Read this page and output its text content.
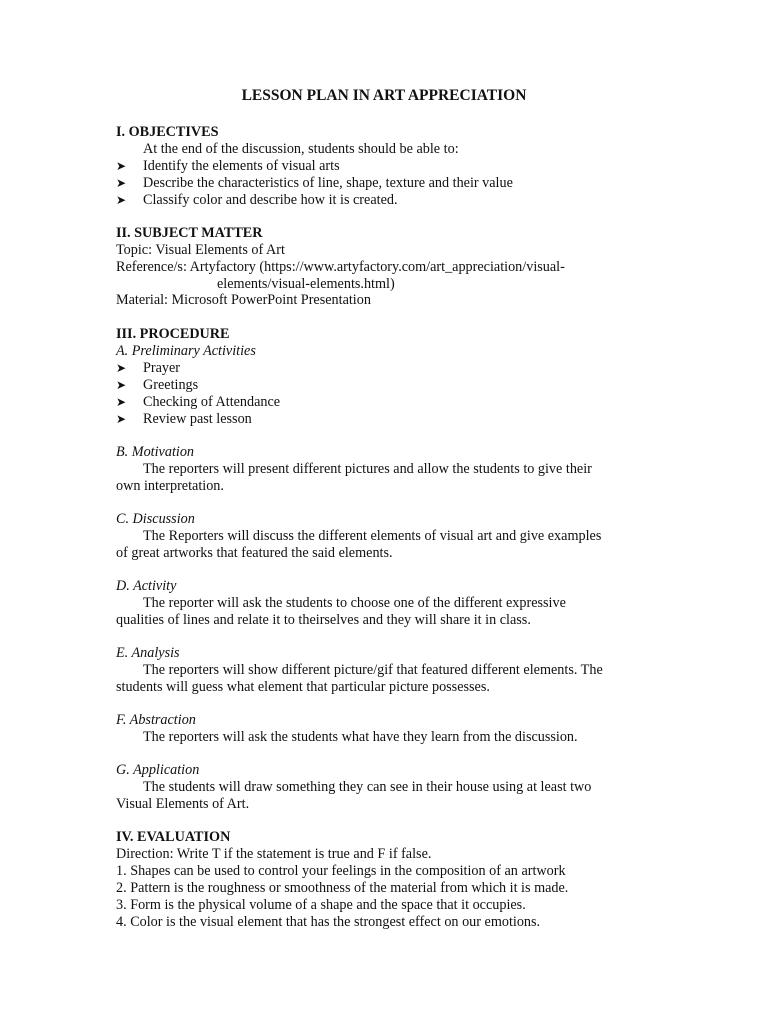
LESSON PLAN IN ART APPRECIATION
I. OBJECTIVES
At the end of the discussion, students should be able to:
➤ Identify the elements of visual arts
➤ Describe the characteristics of line, shape, texture and their value
➤ Classify color and describe how it is created.
II. SUBJECT MATTER
Topic: Visual Elements of Art
Reference/s: Artyfactory (https://www.artyfactory.com/art_appreciation/visual-
elements/visual-elements.html)
Material: Microsoft PowerPoint Presentation
III. PROCEDURE
A. Preliminary Activities
➤ Prayer
➤ Greetings
➤ Checking of Attendance
➤ Review past lesson
B. Motivation
The reporters will present different pictures and allow the students to give their
own interpretation.
C. Discussion
The Reporters will discuss the different elements of visual art and give examples
of great artworks that featured the said elements.
D. Activity
The reporter will ask the students to choose one of the different expressive
qualities of lines and relate it to theirselves and they will share it in class.
E. Analysis
The reporters will show different picture/gif that featured different elements. The
students will guess what element that particular picture possesses.
F. Abstraction
The reporters will ask the students what have they learn from the discussion.
G. Application
The students will draw something they can see in their house using at least two
Visual Elements of Art.
IV. EVALUATION
Direction: Write T if the statement is true and F if false.
1. Shapes can be used to control your feelings in the composition of an artwork
2. Pattern is the roughness or smoothness of the material from which it is made.
3. Form is the physical volume of a shape and the space that it occupies.
4. Color is the visual element that has the strongest effect on our emotions.
